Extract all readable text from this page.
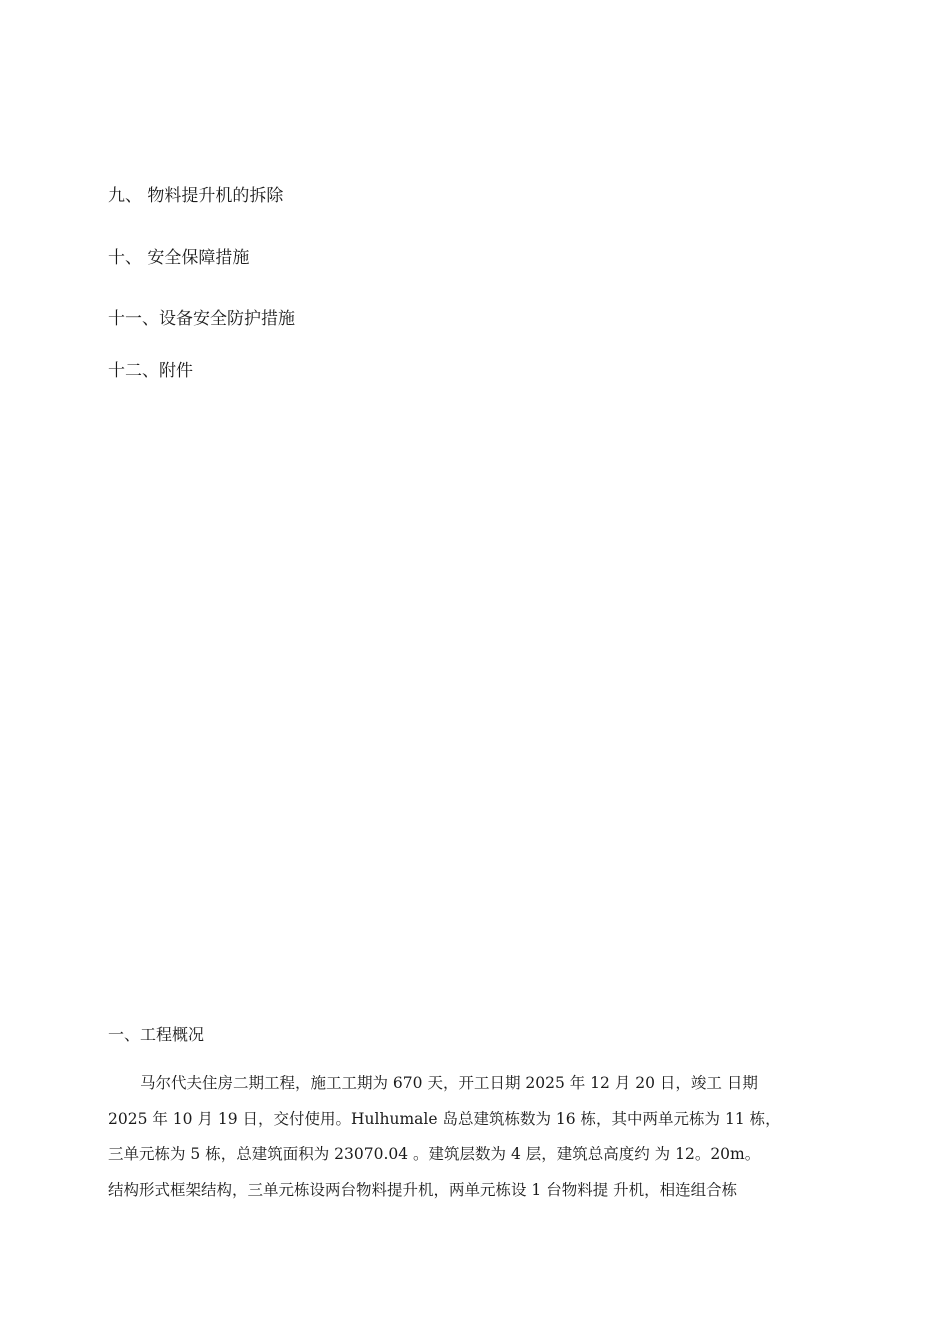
九、 物料提升机的拆除
十、 安全保障措施
十一、设备安全防护措施
十二、附件
一、工程概况
马尔代夫住房二期工程，施工工期为 670 天，开工日期 2025 年 12 月 20 日，竣工 日期
2025 年 10 月 19 日，交付使用。Hulhumale 岛总建筑栋数为 16 栋，其中两单元栋为 11 栋，
三单元栋为 5 栋，总建筑面积为 23070.04 。建筑层数为 4 层，建筑总高度约 为 12。20m。
结构形式框架结构，三单元栋设两台物料提升机，两单元栋设 1 台物料提 升机，相连组合栋
